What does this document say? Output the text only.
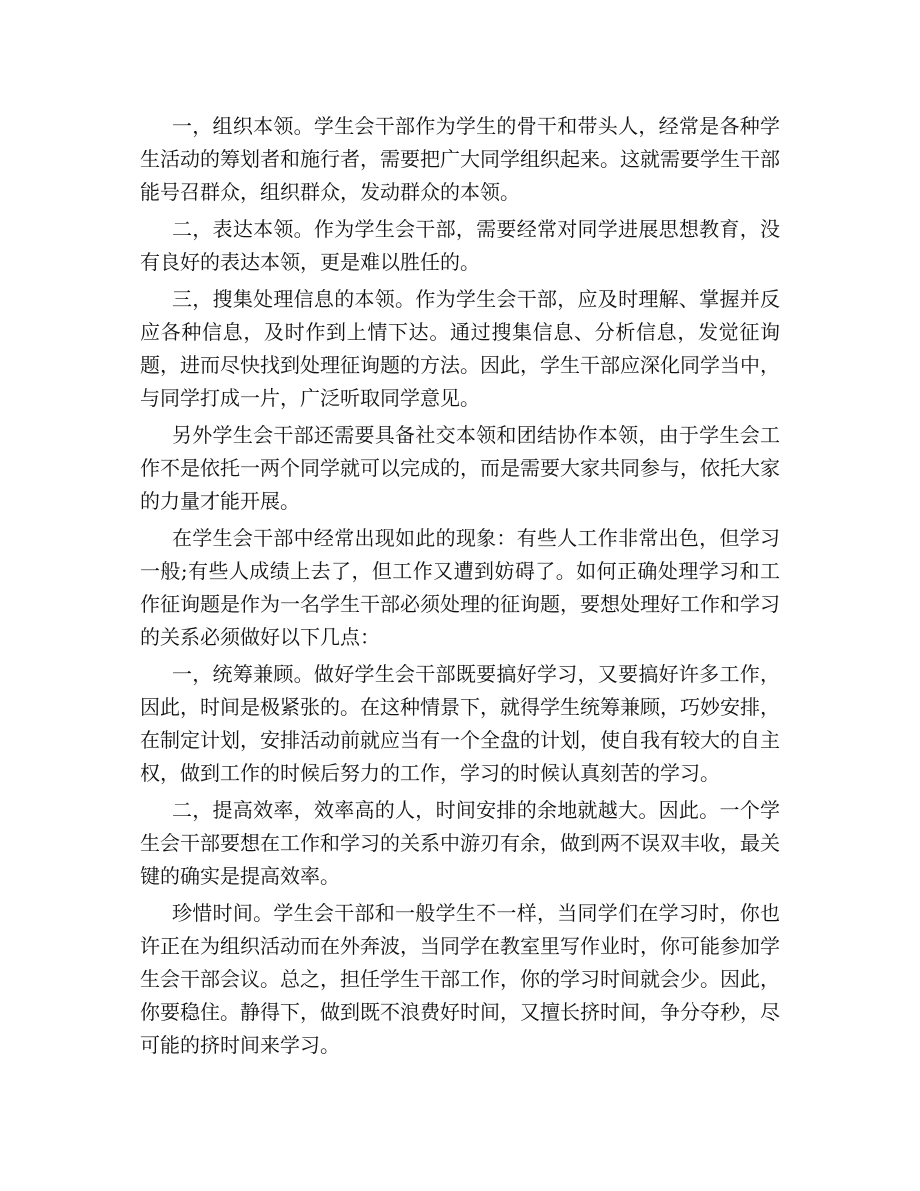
一，组织本领。学生会干部作为学生的骨干和带头人，经常是各种学生活动的筹划者和施行者，需要把广大同学组织起来。这就需要学生干部能号召群众，组织群众，发动群众的本领。

二，表达本领。作为学生会干部，需要经常对同学进展思想教育，没有良好的表达本领，更是难以胜任的。

三，搜集处理信息的本领。作为学生会干部，应及时理解、掌握并反应各种信息，及时作到上情下达。通过搜集信息、分析信息，发觉征询题，进而尽快找到处理征询题的方法。因此，学生干部应深化同学当中，与同学打成一片，广泛听取同学意见。

另外学生会干部还需要具备社交本领和团结协作本领，由于学生会工作不是依托一两个同学就可以完成的，而是需要大家共同参与，依托大家的力量才能开展。

在学生会干部中经常出现如此的现象：有些人工作非常出色，但学习一般;有些人成绩上去了，但工作又遭到妨碍了。如何正确处理学习和工作征询题是作为一名学生干部必须处理的征询题，要想处理好工作和学习的关系必须做好以下几点：

一，统筹兼顾。做好学生会干部既要搞好学习，又要搞好许多工作，因此，时间是极紧张的。在这种情景下，就得学生统筹兼顾，巧妙安排，在制定计划，安排活动前就应当有一个全盘的计划，使自我有较大的自主权，做到工作的时候后努力的工作，学习的时候认真刻苦的学习。

二，提高效率，效率高的人，时间安排的余地就越大。因此。一个学生会干部要想在工作和学习的关系中游刃有余，做到两不误双丰收，最关键的确实是提高效率。

珍惜时间。学生会干部和一般学生不一样，当同学们在学习时，你也许正在为组织活动而在外奔波，当同学在教室里写作业时，你可能参加学生会干部会议。总之，担任学生干部工作，你的学习时间就会少。因此，你要稳住。静得下，做到既不浪费好时间，又擅长挤时间，争分夺秒，尽可能的挤时间来学习。
